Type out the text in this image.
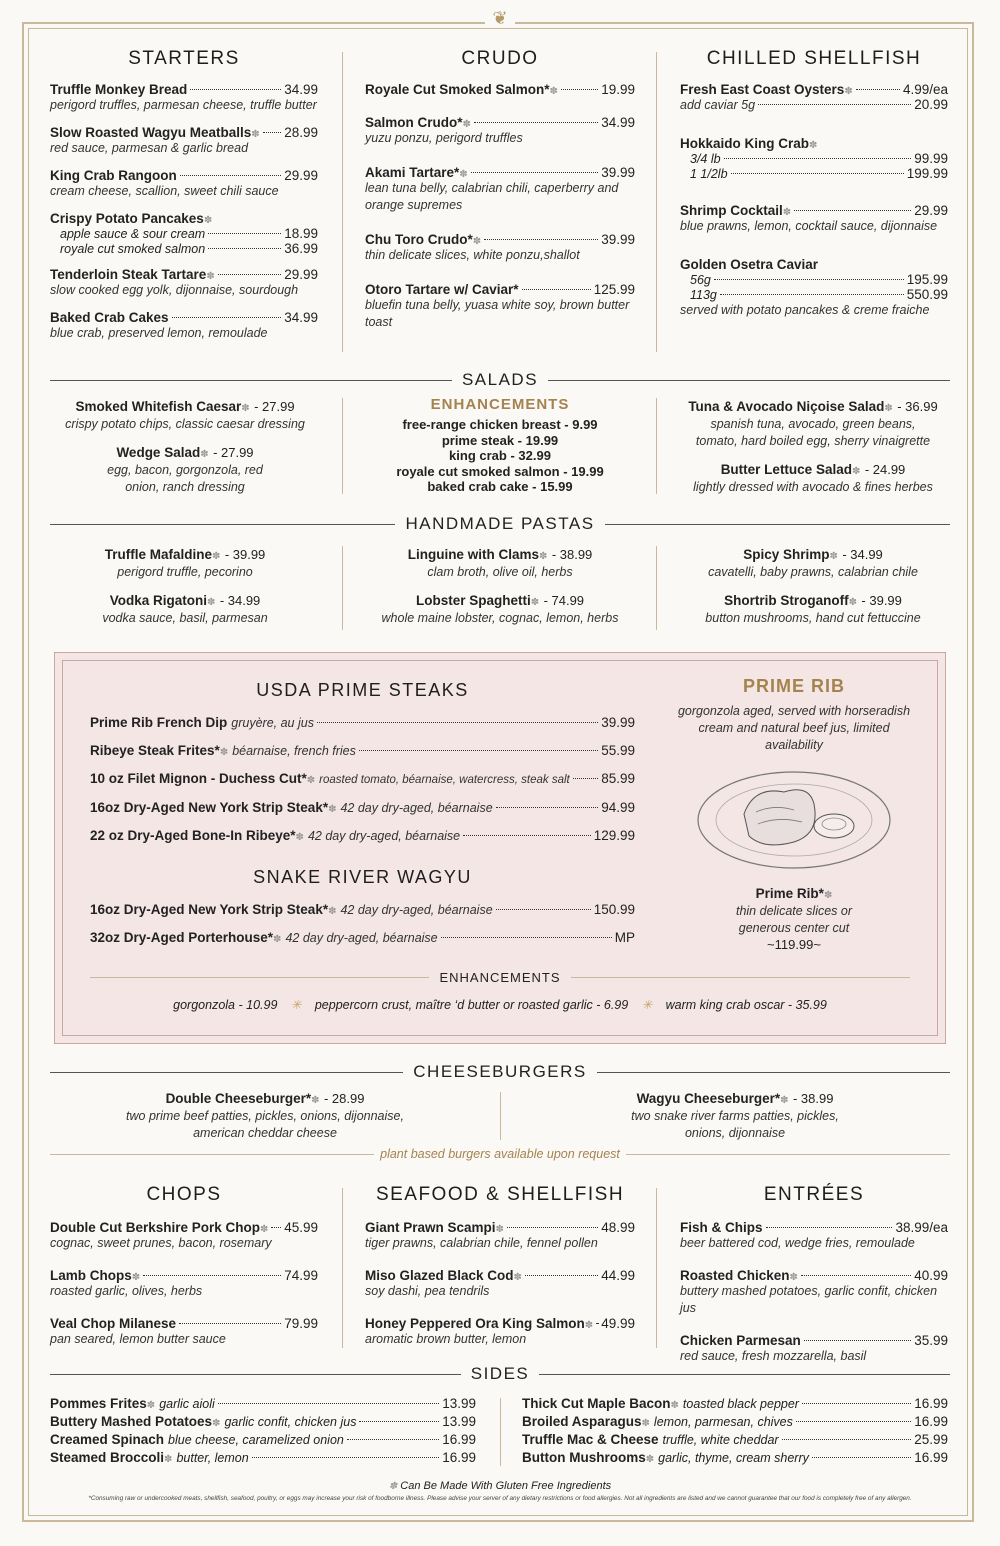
❦
STARTERS
Truffle Monkey Bread	34.99
perigord truffles, parmesan cheese, truffle butter
Slow Roasted Wagyu Meatballs ✽ 28.99
red sauce, parmesan & garlic bread
King Crab Rangoon	29.99
cream cheese, scallion, sweet chili sauce
Crispy Potato Pancakes ✽
apple sauce & sour cream	18.99
royale cut smoked salmon	36.99
Tenderloin Steak Tartare ✽	29.99
slow cooked egg yolk, dijonnaise, sourdough
Baked Crab Cakes	34.99
blue crab, preserved lemon, remoulade
CRUDO
Royale Cut Smoked Salmon* ✽	19.99
Salmon Crudo* ✽	34.99
yuzu ponzu, perigord truffles
Akami Tartare* ✽	39.99
lean tuna belly, calabrian chili, caperberry and orange supremes
Chu Toro Crudo* ✽	39.99
thin delicate slices, white ponzu,shallot
Otoro Tartare w/ Caviar*	125.99
bluefin tuna belly, yuasa white soy, brown butter toast
CHILLED SHELLFISH
Fresh East Coast Oysters ✽	4.99/ea
add caviar 5g	20.99
Hokkaido King Crab ✽
3/4 lb	99.99
1 1/2lb	199.99
Shrimp Cocktail ✽	29.99
blue prawns, lemon, cocktail sauce, dijonnaise
Golden Osetra Caviar
56g	195.99
113g	550.99
served with potato pancakes & creme fraiche
SALADS
Smoked Whitefish Caesar✽ - 27.99
crispy potato chips, classic caesar dressing
Wedge Salad✽ - 27.99
egg, bacon, gorgonzola, red onion, ranch dressing
ENHANCEMENTS
free-range chicken breast - 9.99
prime steak - 19.99
king crab - 32.99
royale cut smoked salmon - 19.99
baked crab cake - 15.99
Tuna & Avocado Niçoise Salad✽ - 36.99
spanish tuna, avocado, green beans, tomato, hard boiled egg, sherry vinaigrette
Butter Lettuce Salad✽ - 24.99
lightly dressed with avocado & fines herbes
HANDMADE PASTAS
Truffle Mafaldine✽ - 39.99
perigord truffle, pecorino
Vodka Rigatoni✽ - 34.99
vodka sauce, basil, parmesan
Linguine with Clams✽ - 38.99
clam broth, olive oil, herbs
Lobster Spaghetti✽ - 74.99
whole maine lobster, cognac, lemon, herbs
Spicy Shrimp✽ - 34.99
cavatelli, baby prawns, calabrian chile
Shortrib Stroganoff✽ - 39.99
button mushrooms, hand cut fettuccine
USDA PRIME STEAKS
Prime Rib French Dip gruyère, au jus	39.99
Ribeye Steak Frites* ✽ béarnaise, french fries	55.99
10 oz Filet Mignon - Duchess Cut* ✽ roasted tomato, béarnaise, watercress, steak salt 85.99
16oz Dry-Aged New York Strip Steak* ✽ 42 day dry-aged, béarnaise	94.99
22 oz Dry-Aged Bone-In Ribeye* ✽ 42 day dry-aged, béarnaise	129.99
SNAKE RIVER WAGYU
16oz Dry-Aged New York Strip Steak* ✽ 42 day dry-aged, béarnaise	150.99
32oz Dry-Aged Porterhouse* ✽ 42 day dry-aged, béarnaise	MP
PRIME RIB
gorgonzola aged, served with horseradish cream and natural beef jus, limited availability
Prime Rib*✽
thin delicate slices or
generous center cut
~119.99~
ENHANCEMENTS
gorgonzola - 10.99 ✳ peppercorn crust, maître ‘d butter or roasted garlic - 6.99 ✳ warm king crab oscar - 35.99
CHEESEBURGERS
Double Cheeseburger*✽ - 28.99
two prime beef patties, pickles, onions, dijonnaise,
american cheddar cheese
Wagyu Cheeseburger*✽ - 38.99
two snake river farms patties, pickles,
onions, dijonnaise
plant based burgers available upon request
CHOPS
Double Cut Berkshire Pork Chop ✽ 45.99
cognac, sweet prunes, bacon, rosemary
Lamb Chops ✽	74.99
roasted garlic, olives, herbs
Veal Chop Milanese	79.99
pan seared, lemon butter sauce
SEAFOOD & SHELLFISH
Giant Prawn Scampi ✽	48.99
tiger prawns, calabrian chile, fennel pollen
Miso Glazed Black Cod ✽	44.99
soy dashi, pea tendrils
Honey Peppered Ora King Salmon ✽ 49.99
aromatic brown butter, lemon
ENTRÉES
Fish & Chips	38.99/ea
beer battered cod, wedge fries, remoulade
Roasted Chicken ✽	40.99
buttery mashed potatoes, garlic confit, chicken jus
Chicken Parmesan	35.99
red sauce, fresh mozzarella, basil
SIDES
Pommes Frites ✽ garlic aioli	13.99
Buttery Mashed Potatoes ✽ garlic confit, chicken jus	13.99
Creamed Spinach blue cheese, caramelized onion	16.99
Steamed Broccoli ✽ butter, lemon	16.99
Thick Cut Maple Bacon ✽ toasted black pepper	16.99
Broiled Asparagus ✽ lemon, parmesan, chives	16.99
Truffle Mac & Cheese truffle, white cheddar	25.99
Button Mushrooms ✽ garlic, thyme, cream sherry	16.99
✽ Can Be Made With Gluten Free Ingredients
*Consuming raw or undercooked meats, shellfish, seafood, poultry, or eggs may increase your risk of foodborne illness. Please advise your server of any dietary restrictions or food allergies. Not all ingredients are listed and we cannot guarantee that our food is completely free of any allergen.
